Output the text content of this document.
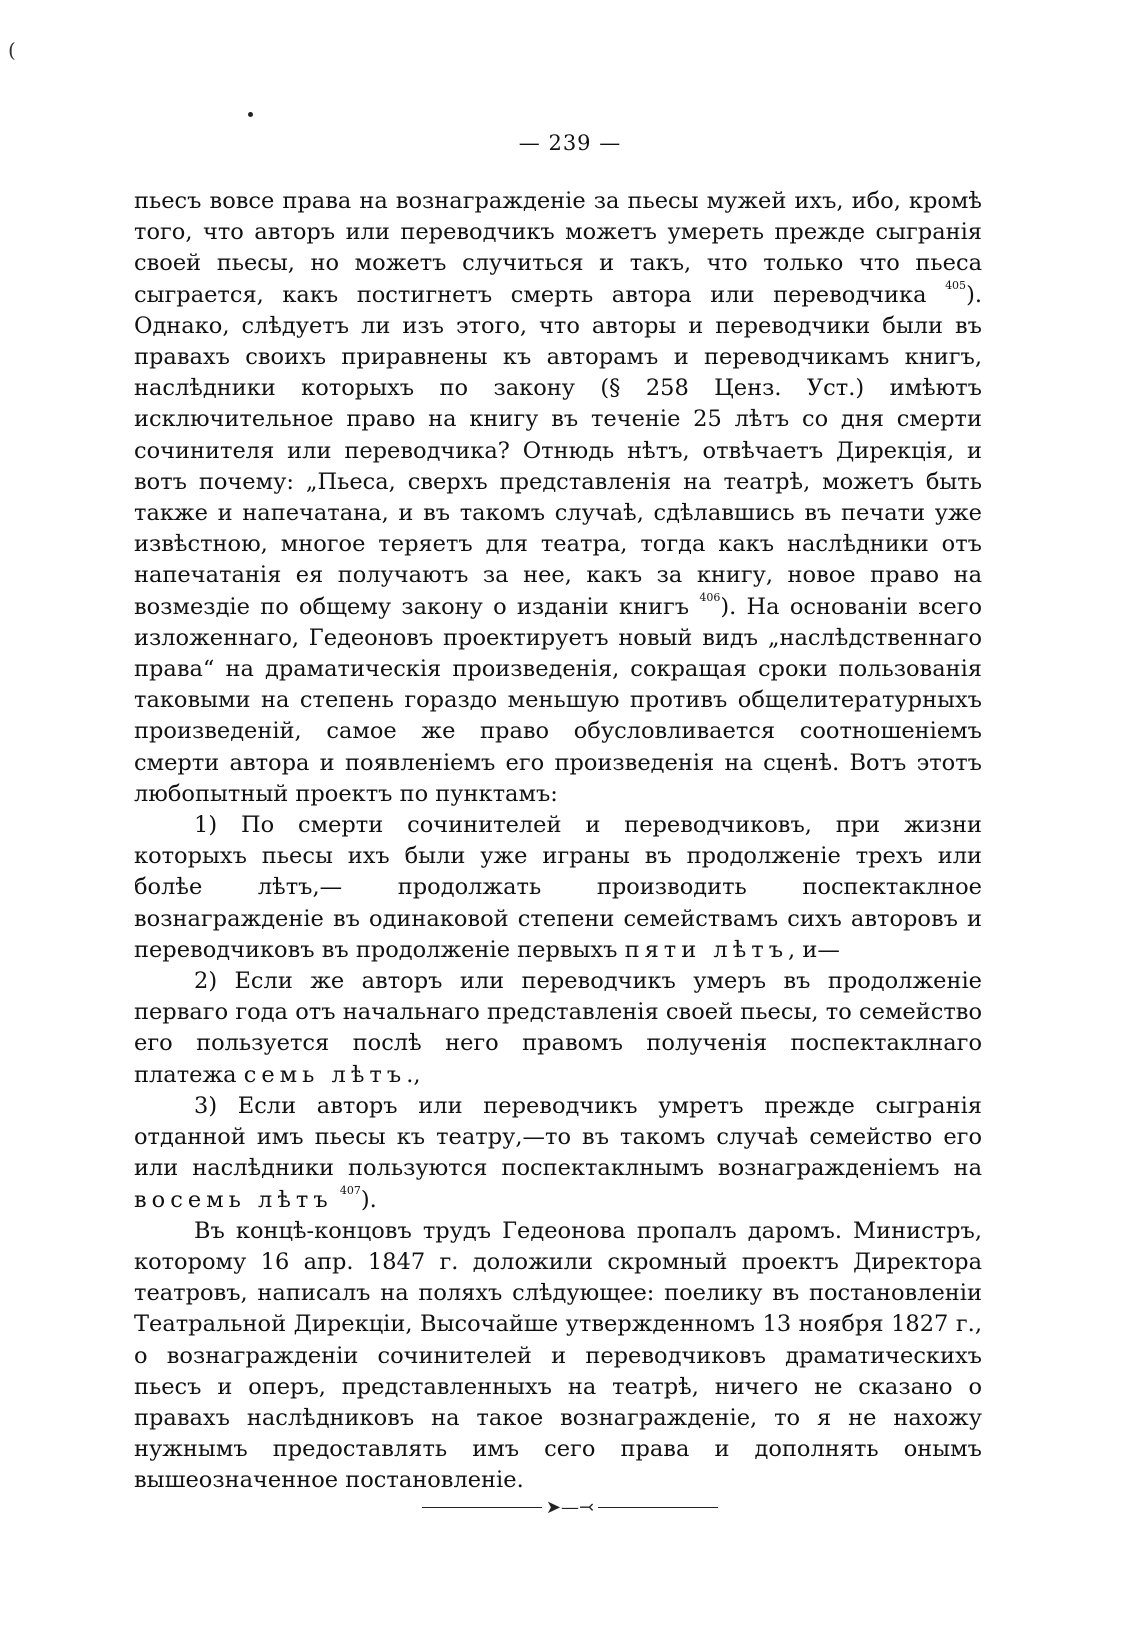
(
— 239 —

пьесъ вовсе права на вознагражденіе за пьесы мужей ихъ, ибо, кромѣ того, что авторъ или переводчикъ можетъ умереть прежде сыгранія своей пьесы, но можетъ случиться и такъ, что только что пьеса сыграется, какъ постигнетъ смерть автора или переводчика $^{405}$). Однако, слѣдуетъ ли изъ этого, что авторы и переводчики были въ правахъ своихъ приравнены къ авторамъ и переводчикамъ книгъ, наслѣдники которыхъ по закону (§ 258 Ценз. Уст.) имѣютъ исключительное право на книгу въ теченіе 25 лѣтъ со дня смерти сочинителя или переводчика? Отнюдь нѣтъ, отвѣчаетъ Дирекція, и вотъ почему: „Пьеса, сверхъ представленія на театрѣ, можетъ быть также и напечатана, и въ такомъ случаѣ, сдѣлавшись въ печати уже извѣстною, многое теряетъ для театра, тогда какъ наслѣдники отъ напечатанія ея получаютъ за нее, какъ за книгу, новое право на возмездіе по общему закону о изданіи книгъ $^{406}$). На основаніи всего изложеннаго, Гедеоновъ проектируетъ новый видъ „наслѣдственнаго права“ на драматическія произведенія, сокращая сроки пользованія таковыми на степень гораздо меньшую противъ общелитературныхъ произведеній, самое же право обусловливается соотношеніемъ смерти автора и появленіемъ его произведенія на сценѣ. Вотъ этотъ любопытный проектъ по пунктамъ:

1) По смерти сочинителей и переводчиковъ, при жизни которыхъ пьесы ихъ были уже играны въ продолженіе трехъ или болѣе лѣтъ,— продолжать производить поспектаклное вознагражденіе въ одинаковой степени семействамъ сихъ авторовъ и переводчиковъ въ продолженіе первыхъ пяти лѣтъ, и—

2) Если же авторъ или переводчикъ умеръ въ продолженіе перваго года отъ начальнаго представленія своей пьесы, то семейство его пользуется послѣ него правомъ полученія поспектаклнаго платежа семь лѣтъ.,

3) Если авторъ или переводчикъ умретъ прежде сыгранія отданной имъ пьесы къ театру,—то въ такомъ случаѣ семейство его или наслѣдники пользуются поспектаклнымъ вознагражденіемъ на восемь лѣтъ $^{407}$).

Въ концѣ-концовъ трудъ Гедеонова пропалъ даромъ. Министръ, которому 16 апр. 1847 г. доложили скромный проектъ Директора театровъ, написалъ на поляхъ слѣдующее: поелику въ постановленіи Театральной Дирекціи, Высочайше утвержденномъ 13 ноября 1827 г., о вознагражденіи сочинителей и переводчиковъ драматическихъ пьесъ и оперъ, представленныхъ на театрѣ, ничего не сказано о правахъ наслѣдниковъ на такое вознагражденіе, то я не нахожу нужнымъ предоставлять имъ сего права и дополнять онымъ вышеозначенное постановленіе.

➤—⤙
